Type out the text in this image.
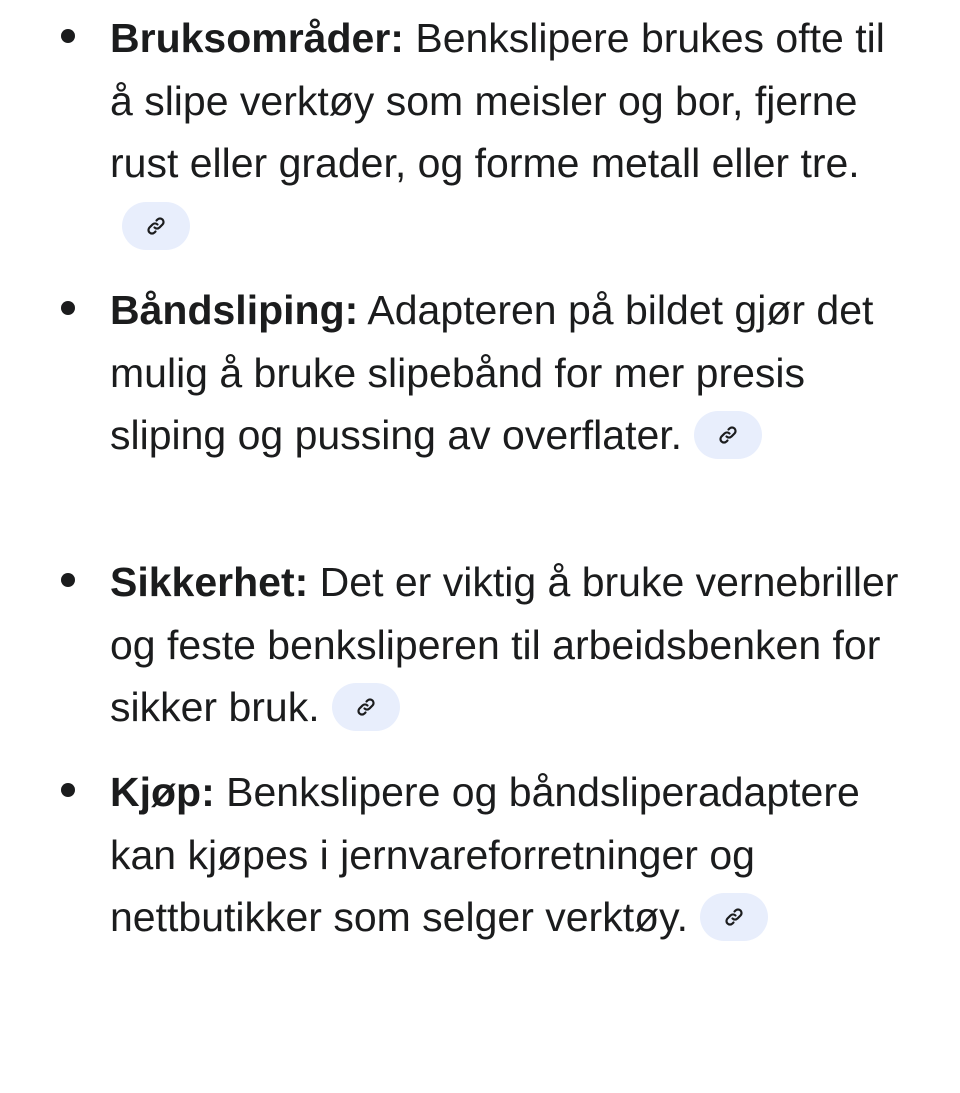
Bruksområder: Benkslipere brukes ofte til å slipe verktøy som meisler og bor, fjerne rust eller grader, og forme metall eller tre.
Båndsliping: Adapteren på bildet gjør det mulig å bruke slipebånd for mer presis sliping og pussing av overflater.
Sikkerhet: Det er viktig å bruke vernebriller og feste benksliperen til arbeidsbenken for sikker bruk.
Kjøp: Benkslipere og båndsliperadaptere kan kjøpes i jernvareforretninger og nettbutikker som selger verktøy.
